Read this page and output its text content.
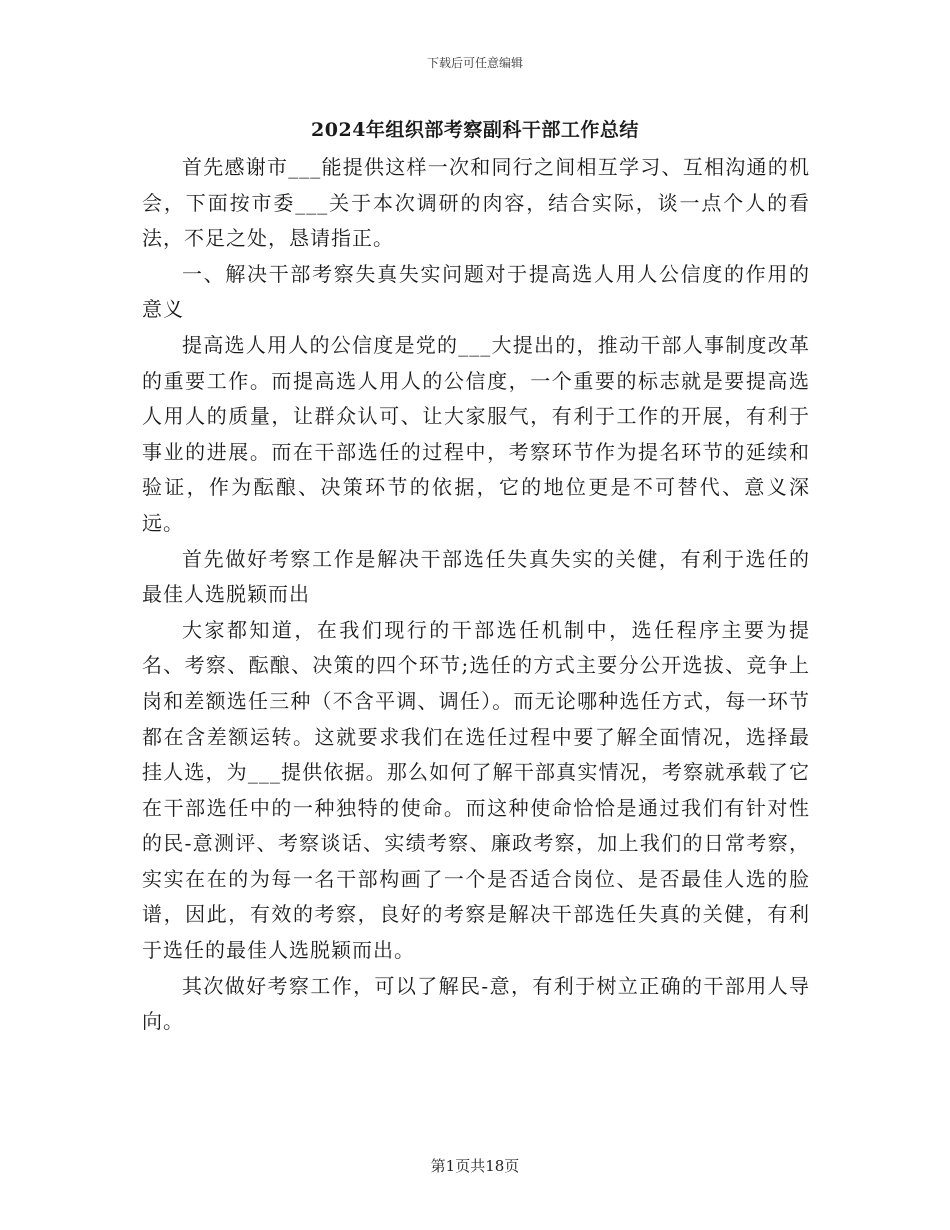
下载后可任意编辑
2024年组织部考察副科干部工作总结

首先感谢市___能提供这样一次和同行之间相互学习、互相沟通的机会，下面按市委___关于本次调研的肉容，结合实际，谈一点个人的看法，不足之处，恳请指正。

一、解决干部考察失真失实问题对于提高选人用人公信度的作用的意义

提高选人用人的公信度是党的___大提出的，推动干部人事制度改革的重要工作。而提高选人用人的公信度，一个重要的标志就是要提高选人用人的质量，让群众认可、让大家服气，有利于工作的开展，有利于事业的进展。而在干部选任的过程中，考察环节作为提名环节的延续和验证，作为酝酿、决策环节的依据，它的地位更是不可替代、意义深远。

首先做好考察工作是解决干部选任失真失实的关健，有利于选任的最佳人选脱颖而出

大家都知道，在我们现行的干部选任机制中，选任程序主要为提名、考察、酝酿、决策的四个环节;选任的方式主要分公开选拔、竞争上岗和差额选任三种（不含平调、调任）。而无论哪种选任方式，每一环节都在含差额运转。这就要求我们在选任过程中要了解全面情况，选择最挂人选，为___提供依据。那么如何了解干部真实情况，考察就承载了它在干部选任中的一种独特的使命。而这种使命恰恰是通过我们有针对性的民-意测评、考察谈话、实绩考察、廉政考察，加上我们的日常考察，实实在在的为每一名干部构画了一个是否适合岗位、是否最佳人选的脸谱，因此，有效的考察，良好的考察是解决干部选任失真的关健，有利于选任的最佳人选脱颖而出。

其次做好考察工作，可以了解民-意，有利于树立正确的干部用人导向。

第1页共18页
